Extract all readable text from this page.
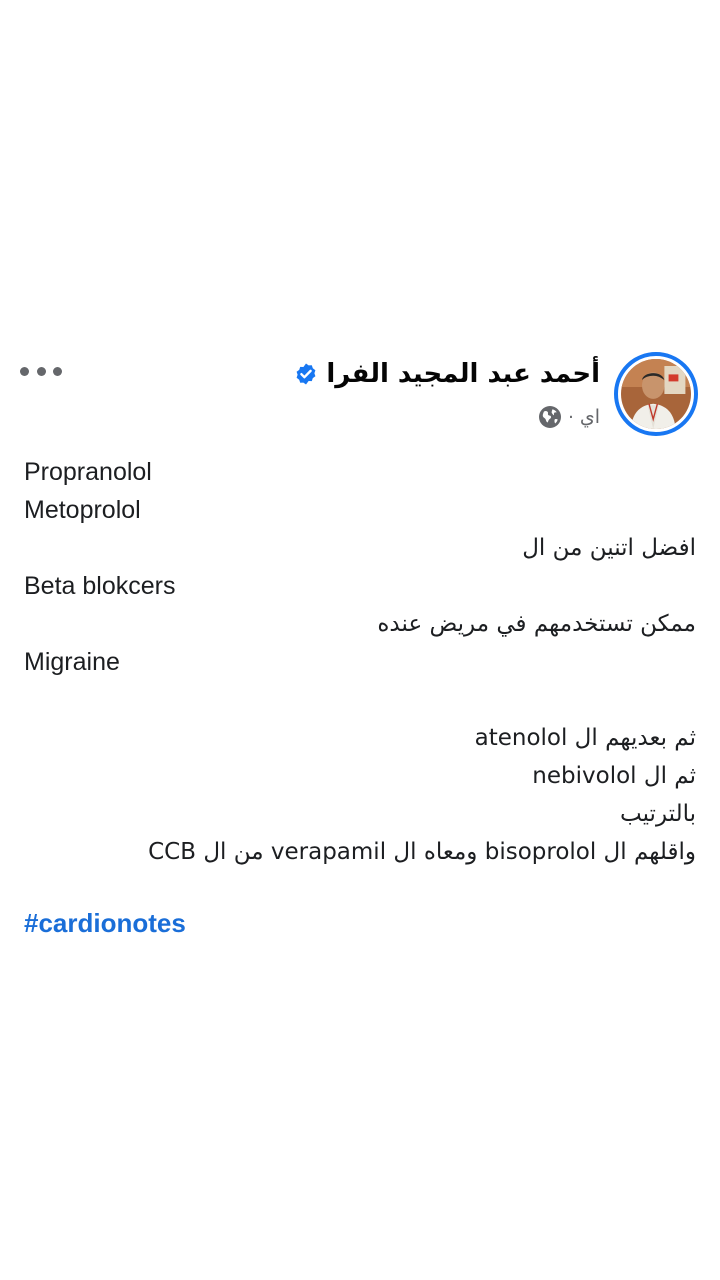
أحمد عبد المجيد الفرا
اي
·
Propranolol
Metoprolol
افضل اتنين من ال
Beta blokcers
ممكن تستخدمهم في مريض عنده
Migraine
ثم بعديهم ال atenolol
ثم ال nebivolol
بالترتيب
واقلهم ال bisoprolol ومعاه ال verapamil من ال CCB
#cardionotes
